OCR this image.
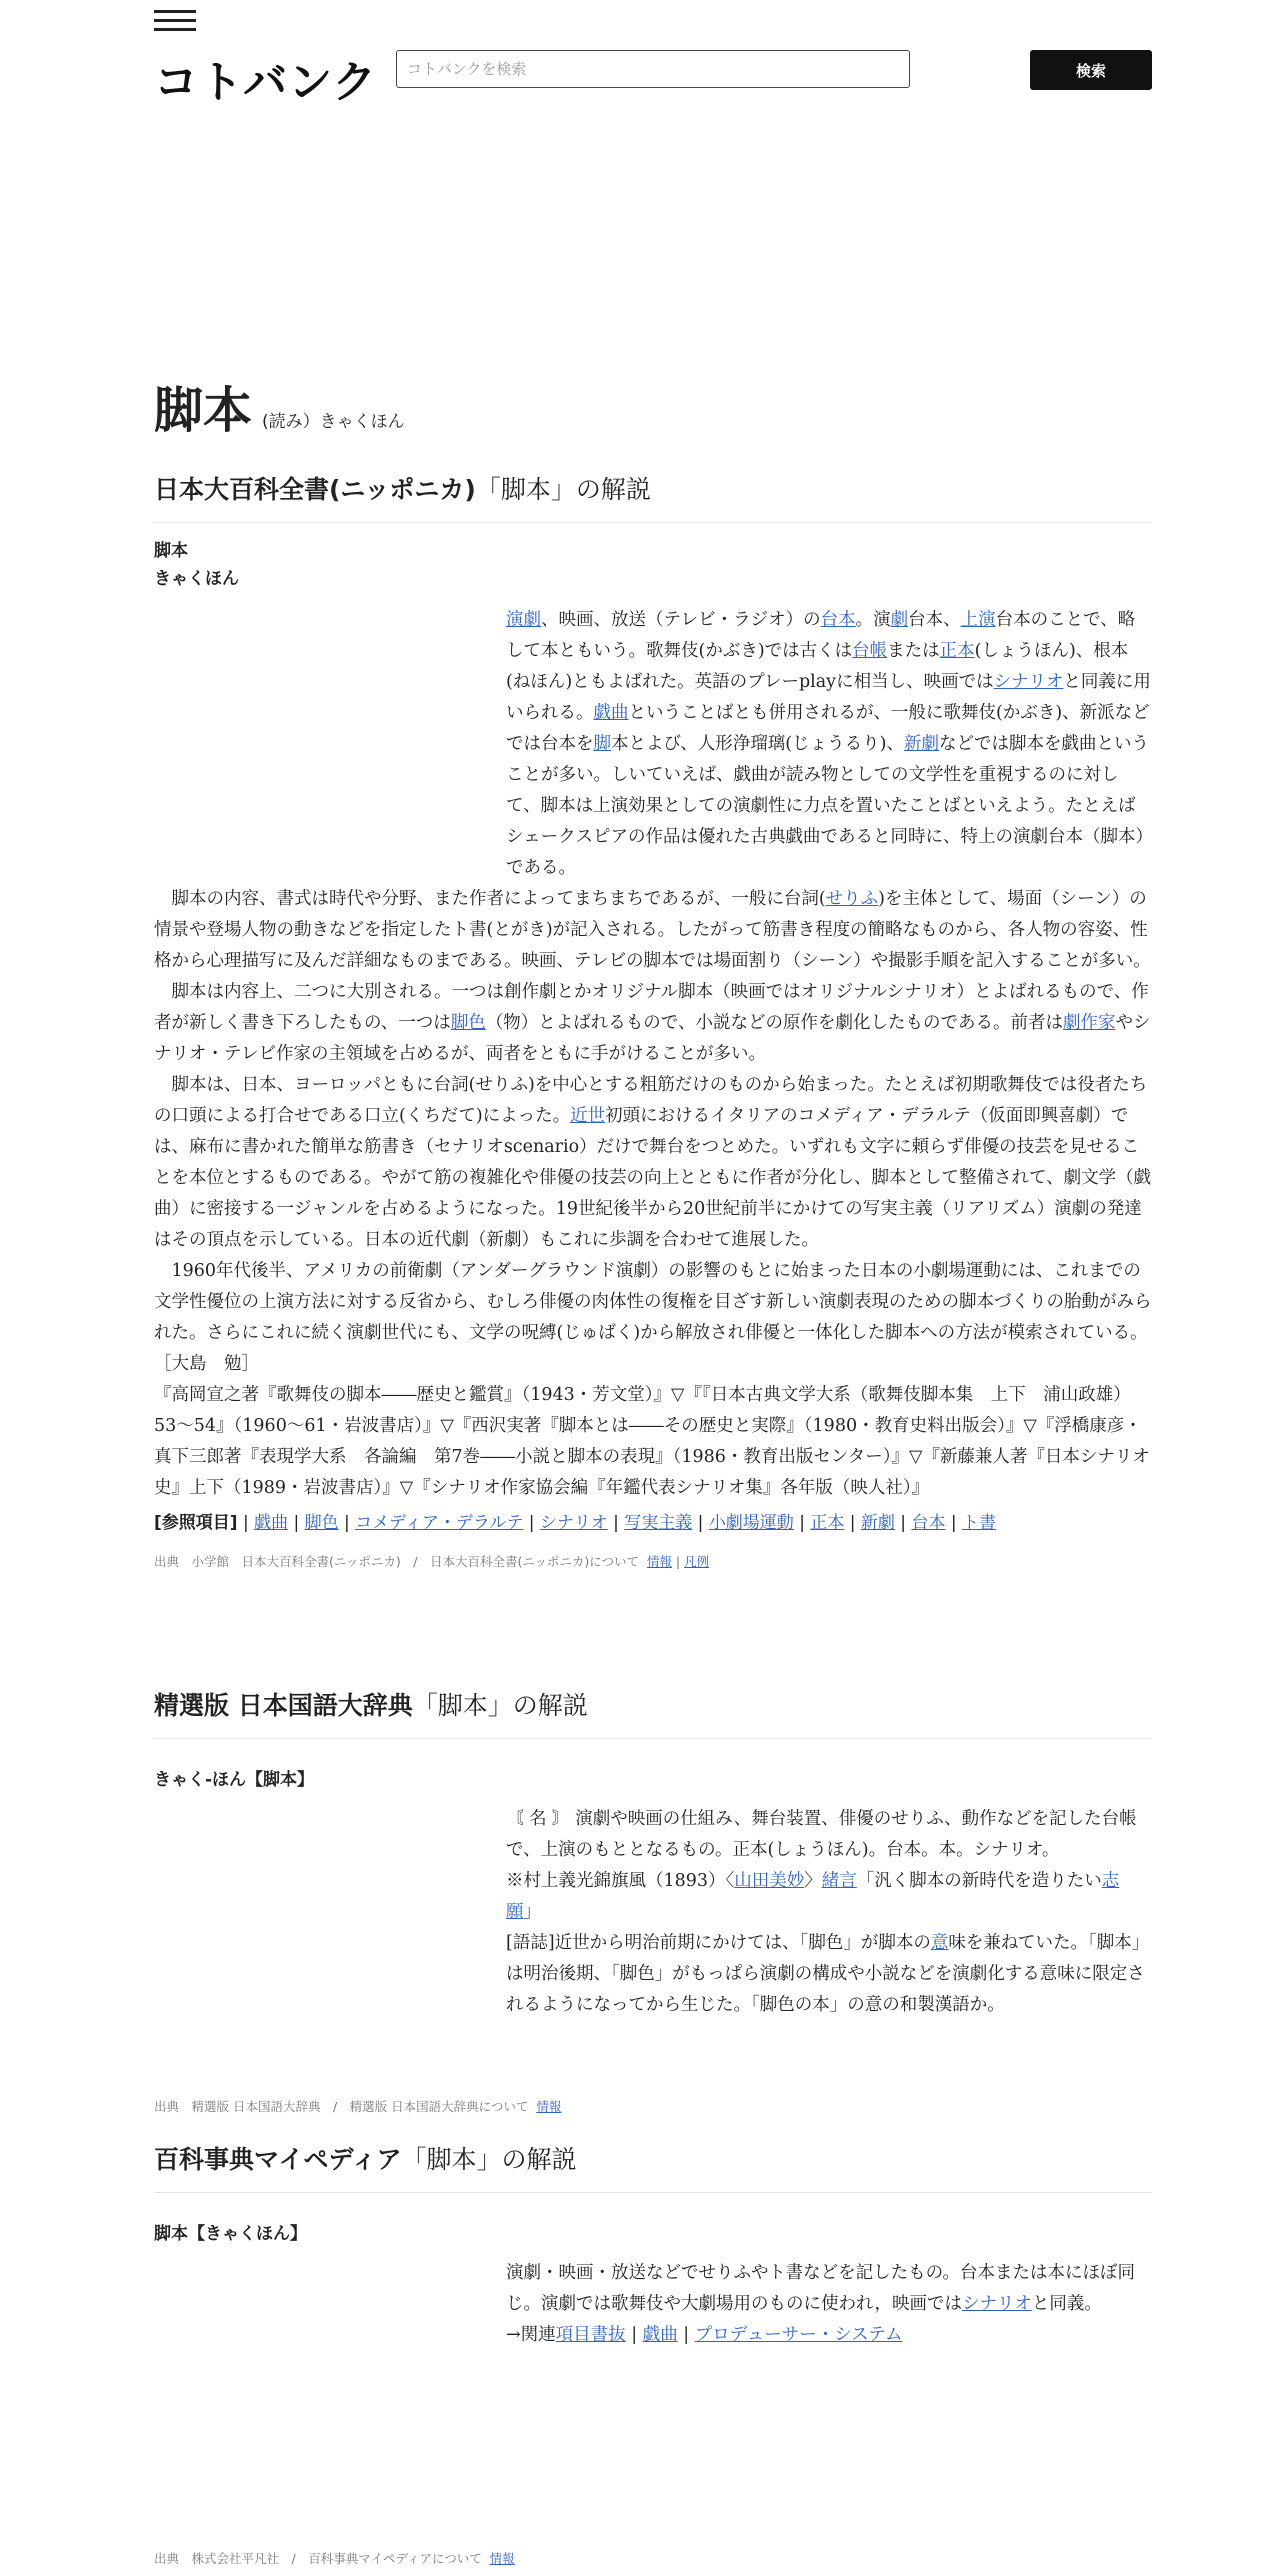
コトバンク
コトバンクを検索	検索
脚本 (読み）きゃくほん
日本大百科全書(ニッポニカ)「脚本」の解説
脚本
きゃくほん

演劇、映画、放送（テレビ・ラジオ）の台本。演劇台本、上演台本のことで、略して本ともいう。歌舞伎(かぶき)では古くは台帳または正本(しょうほん)、根本(ねほん)ともよばれた。英語のプレーplayに相当し、映画ではシナリオと同義に用いられる。戯曲ということばとも併用されるが、一般に歌舞伎(かぶき)、新派などでは台本を脚本とよび、人形浄瑠璃(じょうるり)、新劇などでは脚本を戯曲ということが多い。しいていえば、戯曲が読み物としての文学性を重視するのに対して、脚本は上演効果としての演劇性に力点を置いたことばといえよう。たとえばシェークスピアの作品は優れた古典戯曲であると同時に、特上の演劇台本（脚本）である。

　脚本の内容、書式は時代や分野、また作者によってまちまちであるが、一般に台詞(せりふ)を主体として、場面（シーン）の情景や登場人物の動きなどを指定したト書(とがき)が記入される。したがって筋書き程度の簡略なものから、各人物の容姿、性格から心理描写に及んだ詳細なものまである。映画、テレビの脚本では場面割り（シーン）や撮影手順を記入することが多い。

　脚本は内容上、二つに大別される。一つは創作劇とかオリジナル脚本（映画ではオリジナルシナリオ）とよばれるもので、作者が新しく書き下ろしたもの、一つは脚色（物）とよばれるもので、小説などの原作を劇化したものである。前者は劇作家やシナリオ・テレビ作家の主領域を占めるが、両者をともに手がけることが多い。

　脚本は、日本、ヨーロッパともに台詞(せりふ)を中心とする粗筋だけのものから始まった。たとえば初期歌舞伎では役者たちの口頭による打合せである口立(くちだて)によった。近世初頭におけるイタリアのコメディア・デラルテ（仮面即興喜劇）では、麻布に書かれた簡単な筋書き（セナリオscenario）だけで舞台をつとめた。いずれも文字に頼らず俳優の技芸を見せることを本位とするものである。やがて筋の複雑化や俳優の技芸の向上とともに作者が分化し、脚本として整備されて、劇文学（戯曲）に密接する一ジャンルを占めるようになった。19世紀後半から20世紀前半にかけての写実主義（リアリズム）演劇の発達はその頂点を示している。日本の近代劇（新劇）もこれに歩調を合わせて進展した。

　1960年代後半、アメリカの前衛劇（アンダーグラウンド演劇）の影響のもとに始まった日本の小劇場運動には、これまでの文学性優位の上演方法に対する反省から、むしろ俳優の肉体性の復権を目ざす新しい演劇表現のための脚本づくりの胎動がみられた。さらにこれに続く演劇世代にも、文学の呪縛(じゅばく)から解放され俳優と一体化した脚本への方法が模索されている。

［大島　勉］

『高岡宣之著『歌舞伎の脚本――歴史と鑑賞』（1943・芳文堂）』▽『『日本古典文学大系（歌舞伎脚本集　上下　浦山政雄）53～54』（1960～61・岩波書店）』▽『西沢実著『脚本とは――その歴史と実際』（1980・教育史料出版会）』▽『浮橋康彦・真下三郎著『表現学大系　各論編　第7巻――小説と脚本の表現』（1986・教育出版センター）』▽『新藤兼人著『日本シナリオ史』上下（1989・岩波書店）』▽『シナリオ作家協会編『年鑑代表シナリオ集』各年版（映人社）』

[参照項目] | 戯曲 | 脚色 | コメディア・デラルテ | シナリオ | 写実主義 | 小劇場運動 | 正本 | 新劇 | 台本 | ト書
出典　小学館　日本大百科全書(ニッポニカ)　/　日本大百科全書(ニッポニカ)について 情報 | 凡例
精選版 日本国語大辞典「脚本」の解説
きゃく-ほん【脚本】

〘 名 〙 演劇や映画の仕組み、舞台装置、俳優のせりふ、動作などを記した台帳で、上演のもととなるもの。正本(しょうほん)。台本。本。シナリオ。

※村上義光錦旗風（1893）〈山田美妙〉緒言「汎く脚本の新時代を造りたい志願」

[語誌]近世から明治前期にかけては、「脚色」が脚本の意味を兼ねていた。「脚本」は明治後期、「脚色」がもっぱら演劇の構成や小説などを演劇化する意味に限定されるようになってから生じた。「脚色の本」の意の和製漢語か。

出典　精選版 日本国語大辞典　/　精選版 日本国語大辞典について 情報
百科事典マイペディア「脚本」の解説
脚本【きゃくほん】

演劇・映画・放送などでせりふやト書などを記したもの。台本または本にほぼ同じ。演劇では歌舞伎や大劇場用のものに使われ，映画ではシナリオと同義。

→関連項目書抜 | 戯曲 | プロデューサー・システム

出典　株式会社平凡社　/　百科事典マイペディアについて 情報
